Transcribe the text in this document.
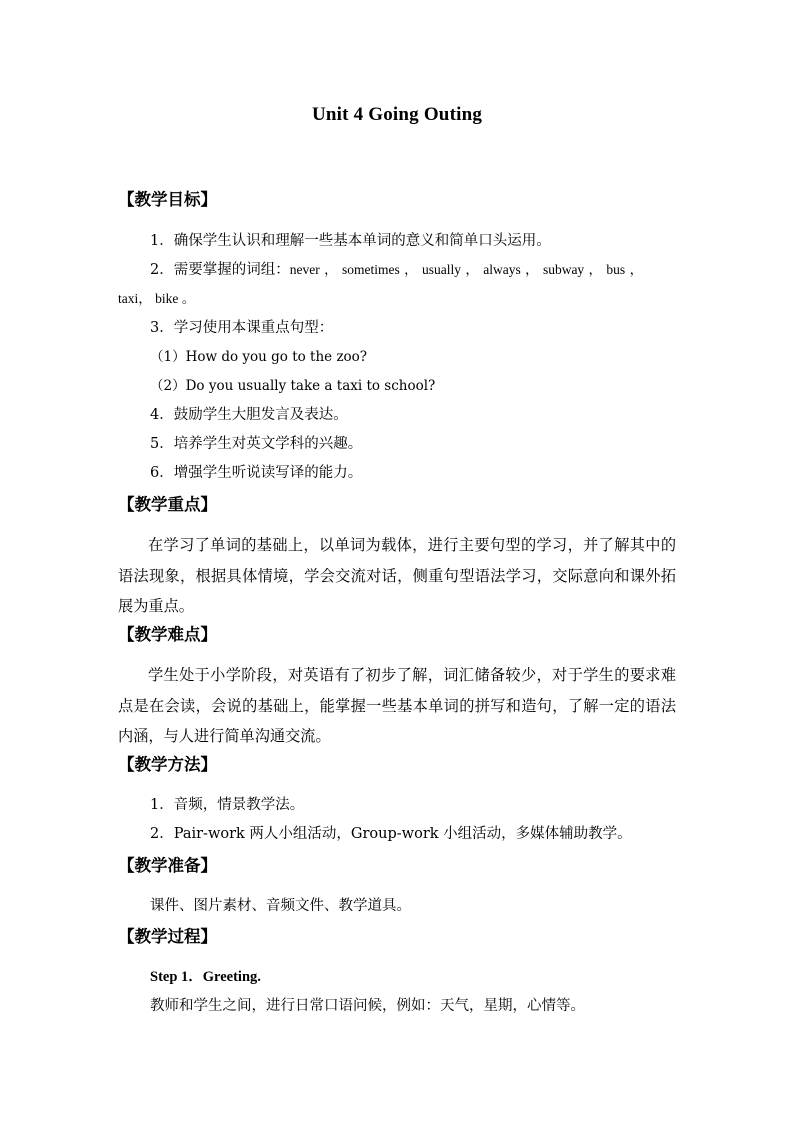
Unit 4 Going Outing
【教学目标】
1．确保学生认识和理解一些基本单词的意义和简单口头运用。
2．需要掌握的词组：never ， sometimes ， usually ， always ， subway ， bus ，
taxi， bike 。
3．学习使用本课重点句型：
（1）How do you go to the zoo?
（2）Do you usually take a taxi to school?
4．鼓励学生大胆发言及表达。
5．培养学生对英文学科的兴趣。
6．增强学生听说读写译的能力。
【教学重点】
在学习了单词的基础上，以单词为载体，进行主要句型的学习，并了解其中的语法现象，根据具体情境，学会交流对话，侧重句型语法学习，交际意向和课外拓展为重点。
【教学难点】
学生处于小学阶段，对英语有了初步了解，词汇储备较少，对于学生的要求难点是在会读，会说的基础上，能掌握一些基本单词的拼写和造句，了解一定的语法内涵，与人进行简单沟通交流。
【教学方法】
1．音频，情景教学法。
2．Pair-work 两人小组活动，Group-work 小组活动，多媒体辅助教学。
【教学准备】
课件、图片素材、音频文件、教学道具。
【教学过程】
Step 1．Greeting.
教师和学生之间，进行日常口语问候，例如：天气，星期，心情等。
